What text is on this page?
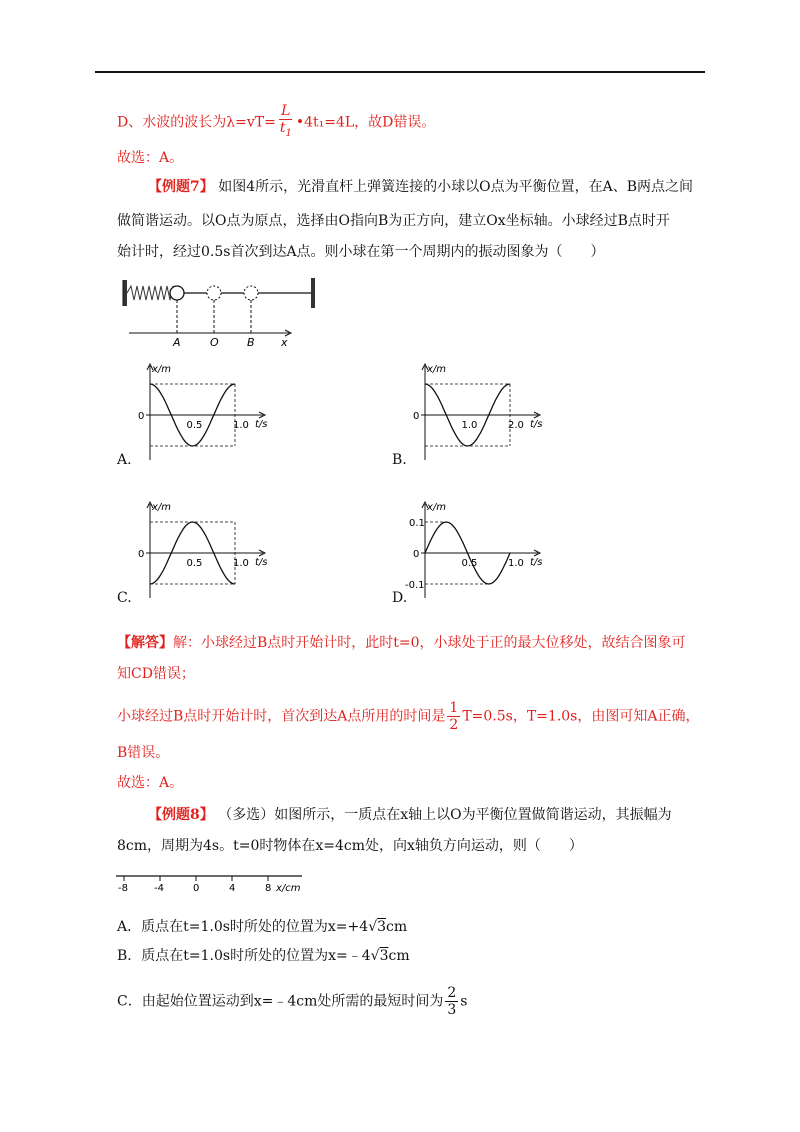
D、水波的波长为$\lambda=vT= \frac{L}{t_1}$ •4t₁=4L，故D错误。
故选：A。
【例题7】 如图4所示，光滑直杆上弹簧连接的小球以O点为平衡位置，在A、B两点之间
做简谐运动。以O点为原点，选择由O指向B为正方向，建立Ox坐标轴。小球经过B点时开
始计时，经过0.5s首次到达A点。则小球在第一个周期内的振动图象为（　　）
A	O	B x
x/m
t/s
0
0.5	1.0
A.
x/m
t/s
0
1.0	2.0
B.
x/m
t/s
0
0.5	1.0
C.
x/m
t/s
0
0.5	1.0
0.1
-0.1
D.
【解答】解：小球经过B点时开始计时，此时t=0，小球处于正的最大位移处，故结合图象可
知CD错误；
小球经过B点时开始计时，首次到达A点所用的时间是 $\frac{1}{2} T=0.5s$，T=1.0s，由图可知A正确，
B错误。
故选：A。
【例题8】 （多选）如图所示，一质点在x轴上以O为平衡位置做简谐运动，其振幅为
8cm，周期为4s。t=0时物体在x=4cm处，向x轴负方向运动，则（　　）
-8	-4	0	4	8 x/cm
A．质点在t=1.0s时所处的位置为x=+4√3cm
B．质点在t=1.0s时所处的位置为x=﹣4√3cm
C．由起始位置运动到x=﹣4cm处所需的最短时间为 $\frac{2}{3}$ s
